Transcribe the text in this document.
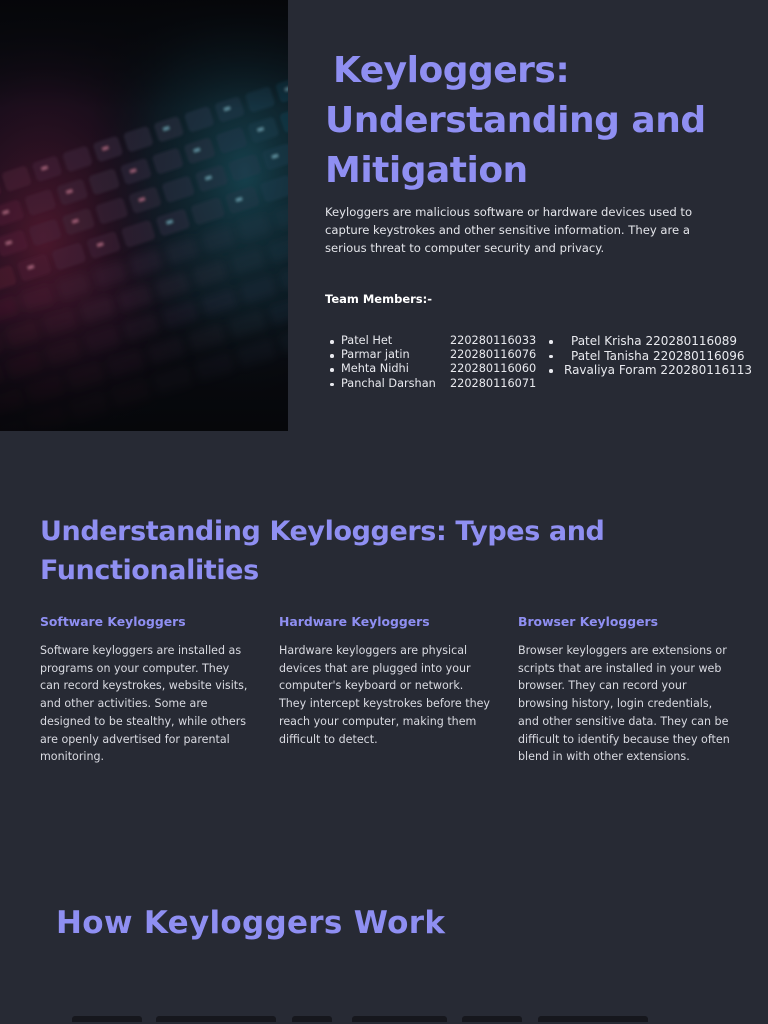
Keyloggers:
Understanding and
Mitigation

Keyloggers are malicious software or hardware devices used to capture keystrokes and other sensitive information. They are a serious threat to computer security and privacy.

Team Members:-
Patel Het	220280116033
Parmar jatin	220280116076
Mehta Nidhi	220280116060
Panchal Darshan 220280116071
Patel Krisha 220280116089
Patel Tanisha 220280116096
Ravaliya Foram 220280116113
Understanding Keyloggers: Types and
Functionalities
Software Keyloggers

Software keyloggers are installed as programs on your computer. They can record keystrokes, website visits, and other activities. Some are designed to be stealthy, while others are openly advertised for parental monitoring.

Hardware Keyloggers

Hardware keyloggers are physical devices that are plugged into your computer's keyboard or network. They intercept keystrokes before they reach your computer, making them difficult to detect.

Browser Keyloggers

Browser keyloggers are extensions or scripts that are installed in your web browser. They can record your browsing history, login credentials, and other sensitive data. They can be difficult to identify because they often blend in with other extensions.

How Keyloggers Work
